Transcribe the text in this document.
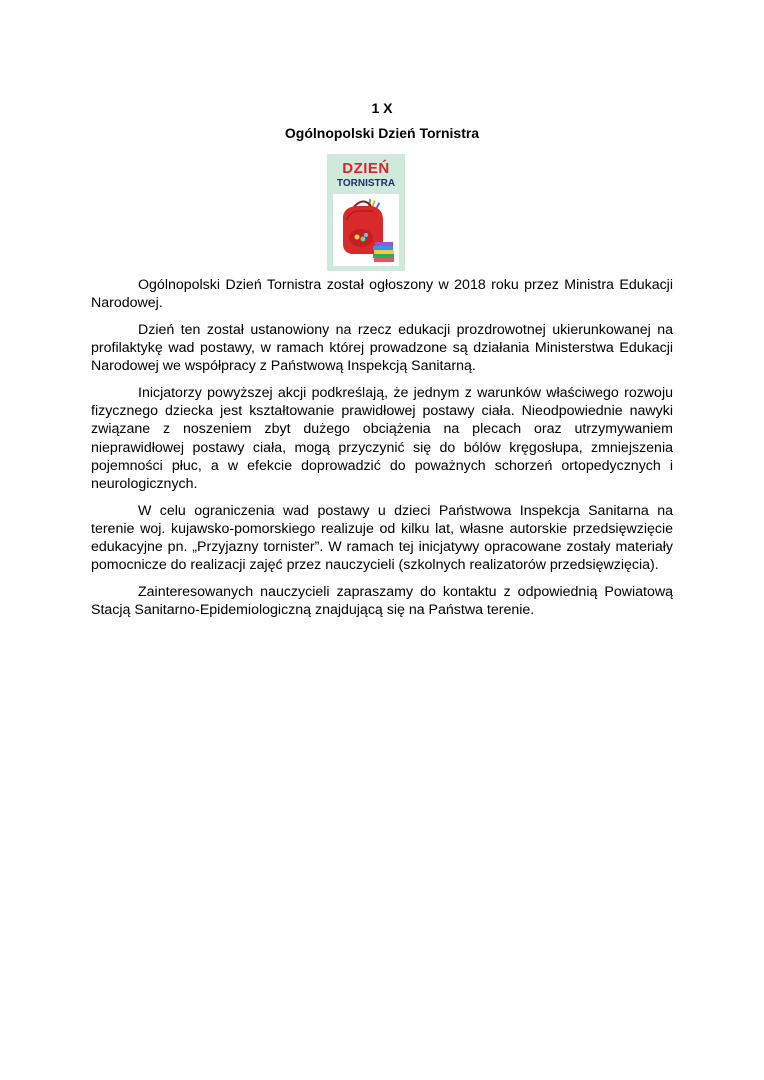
1 X
Ogólnopolski Dzień Tornistra
DZIEŃ
TORNISTRA

Ogólnopolski Dzień Tornistra został ogłoszony w 2018 roku przez Ministra Edukacji Narodowej.

Dzień ten został ustanowiony na rzecz edukacji prozdrowotnej ukierunkowanej na profilaktykę wad postawy, w ramach której prowadzone są działania Ministerstwa Edukacji Narodowej we współpracy z Państwową Inspekcją Sanitarną.

Inicjatorzy powyższej akcji podkreślają, że jednym z warunków właściwego rozwoju fizycznego dziecka jest kształtowanie prawidłowej postawy ciała. Nieodpowiednie nawyki związane z noszeniem zbyt dużego obciążenia na plecach oraz utrzymywaniem nieprawidłowej postawy ciała, mogą przyczynić się do bólów kręgosłupa, zmniejszenia pojemności płuc, a w efekcie doprowadzić do poważnych schorzeń ortopedycznych i neurologicznych.

W celu ograniczenia wad postawy u dzieci Państwowa Inspekcja Sanitarna na terenie woj. kujawsko-pomorskiego realizuje od kilku lat, własne autorskie przedsięwzięcie edukacyjne pn. „Przyjazny tornister”. W ramach tej inicjatywy opracowane zostały materiały pomocnicze do realizacji zajęć przez nauczycieli (szkolnych realizatorów przedsięwzięcia).

Zainteresowanych nauczycieli zapraszamy do kontaktu z odpowiednią Powiatową Stacją Sanitarno-Epidemiologiczną znajdującą się na Państwa terenie.
